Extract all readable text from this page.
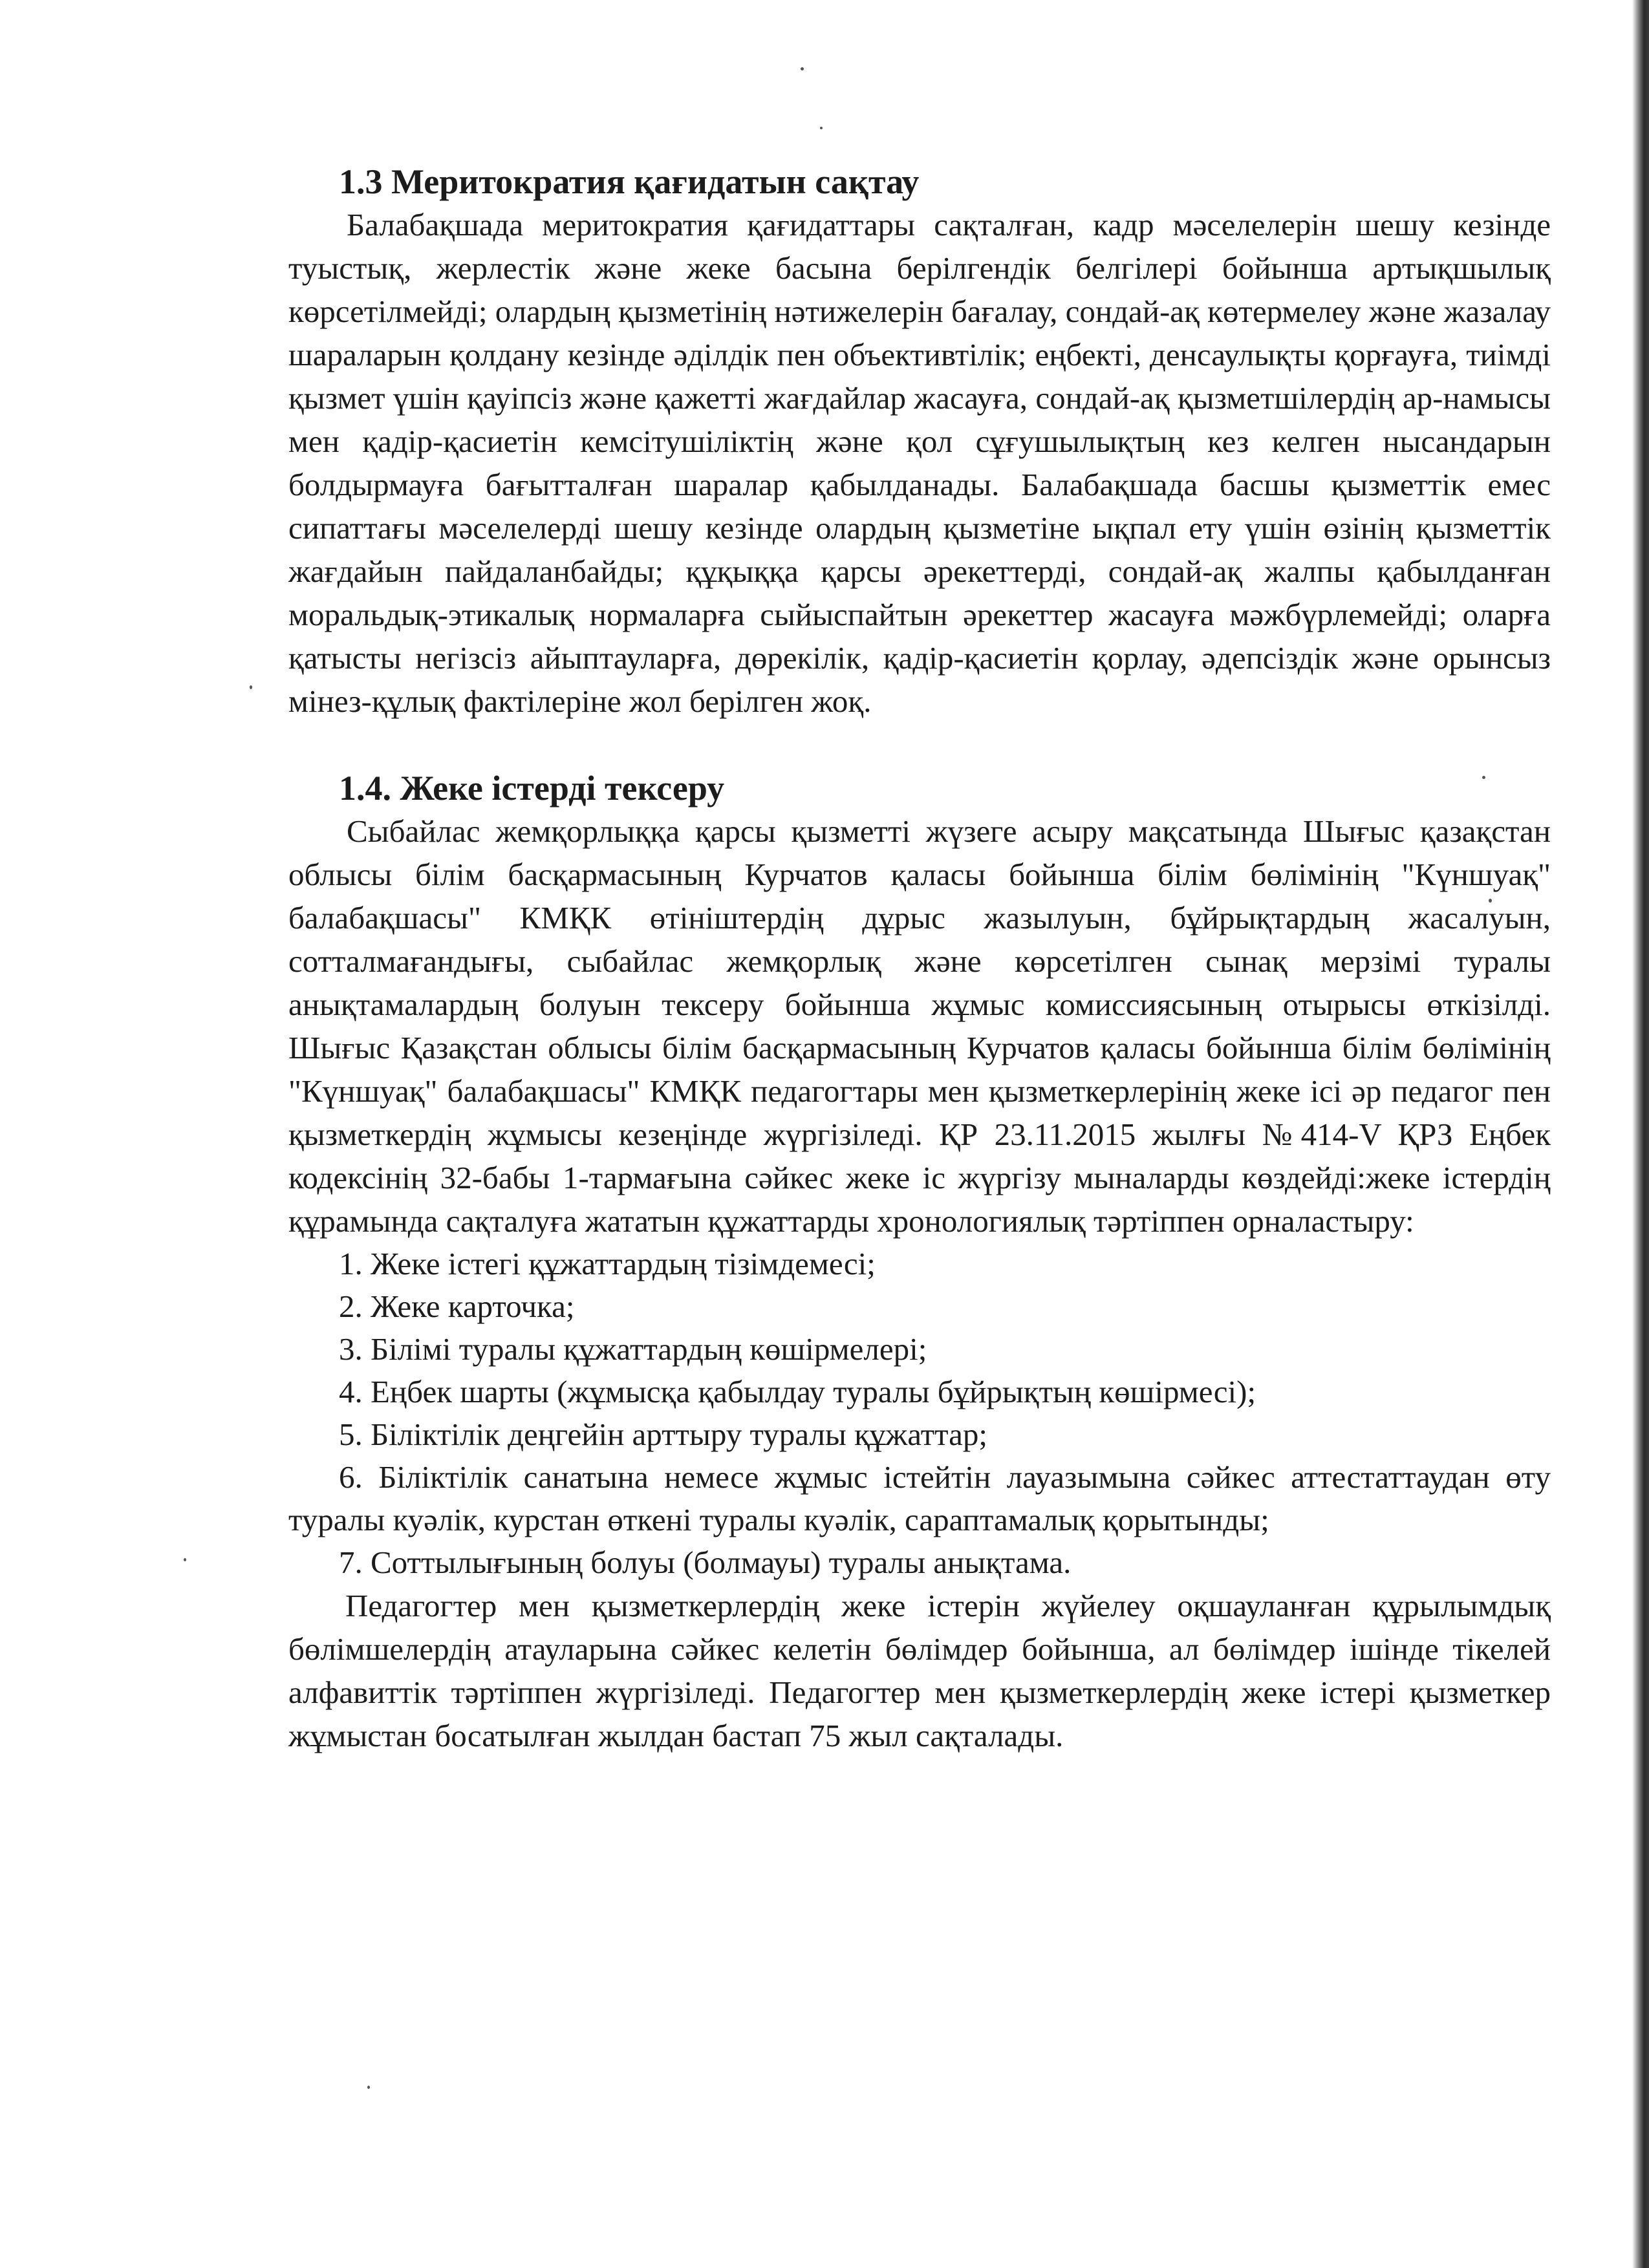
1.3 Меритократия қағидатын сақтау

Балабақшада меритократия қағидаттары сақталған, кадр мәселелерін шешу кезінде туыстық, жерлестік және жеке басына берілгендік белгілері бойынша артықшылық көрсетілмейді; олардың қызметінің нәтижелерін бағалау, сондай-ақ көтермелеу және жазалау шараларын қолдану кезінде әділдік пен объективтілік; еңбекті, денсаулықты қорғауға, тиімді қызмет үшін қауіпсіз және қажетті жағдайлар жасауға, сондай-ақ қызметшілердің ар-намысы мен қадір-қасиетін кемсітушіліктің және қол сұғушылықтың кез келген нысандарын болдырмауға бағытталған шаралар қабылданады. Балабақшада басшы қызметтік емес сипаттағы мәселелерді шешу кезінде олардың қызметіне ықпал ету үшін өзінің қызметтік жағдайын пайдаланбайды; құқыққа қарсы әрекеттерді, сондай-ақ жалпы қабылданған моральдық-этикалық нормаларға сыйыспайтын әрекеттер жасауға мәжбүрлемейді; оларға қатысты негізсіз айыптауларға, дөрекілік, қадір-қасиетін қорлау, әдепсіздік және орынсыз мінез-құлық фактілеріне жол берілген жоқ.

1.4. Жеке істерді тексеру

Сыбайлас жемқорлыққа қарсы қызметті жүзеге асыру мақсатында Шығыс қазақстан облысы білім басқармасының Курчатов қаласы бойынша білім бөлімінің "Күншуақ" балабақшасы" КМҚК өтініштердің дұрыс жазылуын, бұйрықтардың жасалуын, сотталмағандығы, сыбайлас жемқорлық және көрсетілген сынақ мерзімі туралы анықтамалардың болуын тексеру бойынша жұмыс комиссиясының отырысы өткізілді. Шығыс Қазақстан облысы білім басқармасының Курчатов қаласы бойынша білім бөлімінің "Күншуақ" балабақшасы" КМҚК педагогтары мен қызметкерлерінің жеке ісі әр педагог пен қызметкердің жұмысы кезеңінде жүргізіледі. ҚР 23.11.2015 жылғы №414-V ҚРЗ Еңбек кодексінің 32-бабы 1-тармағына сәйкес жеке іс жүргізу мыналарды көздейді:жеке істердің құрамында сақталуға жататын құжаттарды хронологиялық тәртіппен орналастыру:

1. Жеке істегі құжаттардың тізімдемесі;

2. Жеке карточка;

3. Білімі туралы құжаттардың көшірмелері;

4. Еңбек шарты (жұмысқа қабылдау туралы бұйрықтың көшірмесі);

5. Біліктілік деңгейін арттыру туралы құжаттар;

6. Біліктілік санатына немесе жұмыс істейтін лауазымына сәйкес аттестаттаудан өту туралы куәлік, курстан өткені туралы куәлік, сараптамалық қорытынды;

7. Соттылығының болуы (болмауы) туралы анықтама.

Педагогтер мен қызметкерлердің жеке істерін жүйелеу оқшауланған құрылымдық бөлімшелердің атауларына сәйкес келетін бөлімдер бойынша, ал бөлімдер ішінде тікелей алфавиттік тәртіппен жүргізіледі. Педагогтер мен қызметкерлердің жеке істері қызметкер жұмыстан босатылған жылдан бастап 75 жыл сақталады.
